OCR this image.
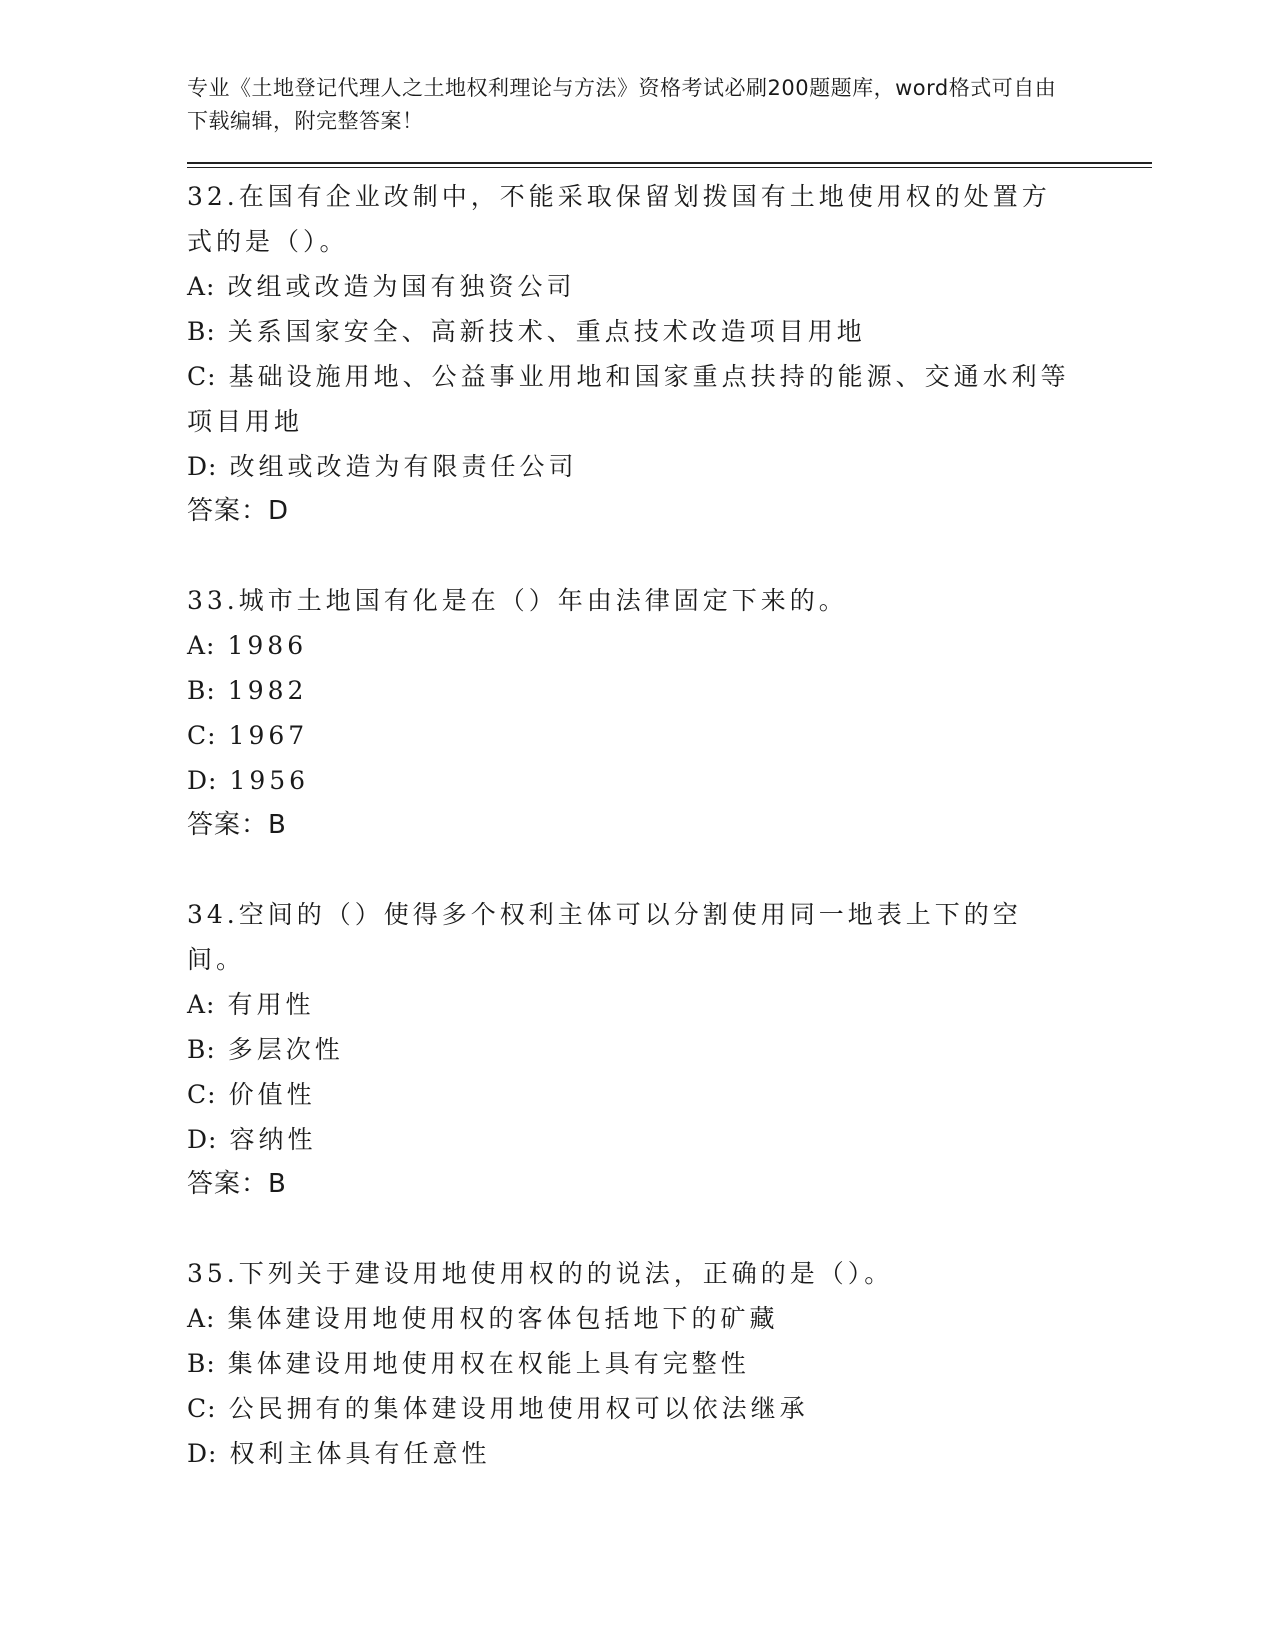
专业《土地登记代理人之土地权利理论与方法》资格考试必刷200题题库，word格式可自由下载编辑，附完整答案！
32.在国有企业改制中，不能采取保留划拨国有土地使用权的处置方式的是（）。
A: 改组或改造为国有独资公司
B: 关系国家安全、高新技术、重点技术改造项目用地
C: 基础设施用地、公益事业用地和国家重点扶持的能源、交通水利等项目用地
D: 改组或改造为有限责任公司
答案：D
33.城市土地国有化是在（）年由法律固定下来的。
A: 1986
B: 1982
C: 1967
D: 1956
答案：B
34.空间的（）使得多个权利主体可以分割使用同一地表上下的空间。
A: 有用性
B: 多层次性
C: 价值性
D: 容纳性
答案：B
35.下列关于建设用地使用权的的说法，正确的是（）。
A: 集体建设用地使用权的客体包括地下的矿藏
B: 集体建设用地使用权在权能上具有完整性
C: 公民拥有的集体建设用地使用权可以依法继承
D: 权利主体具有任意性
